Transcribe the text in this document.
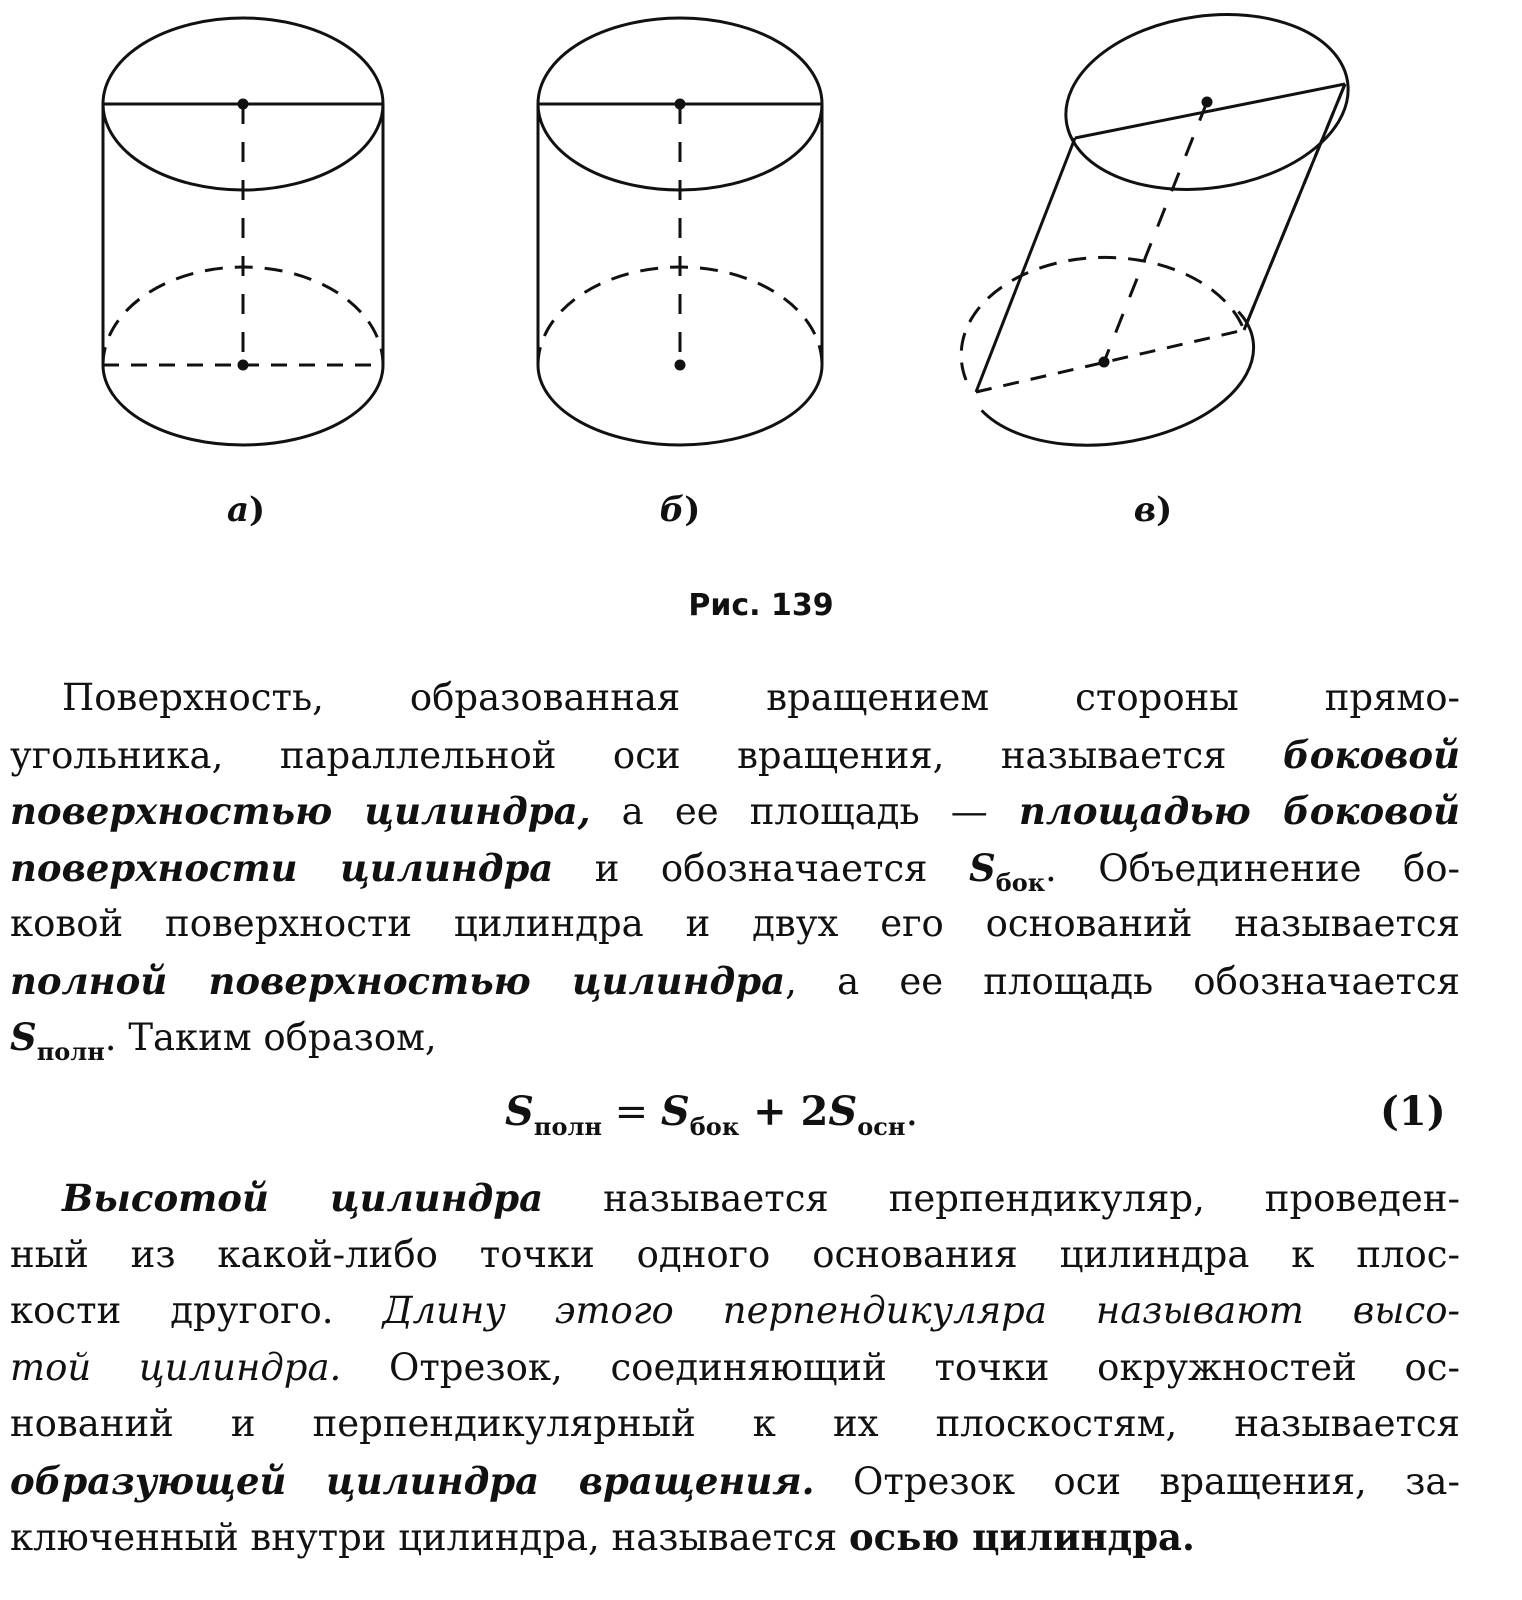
а)	б)	в)
Рис. 139
Поверхность, образованная вращением стороны прямо-
угольника, параллельной оси вращения, называется боковой
поверхностью цилиндра, а ее площадь — площадью боковой
поверхности цилиндра и обозначается $S_{бок}$. Объединение бо-
ковой поверхности цилиндра и двух его оснований называется
полной поверхностью цилиндра, а ее площадь обозначается
$S_{полн}$. Таким образом,
$S_{полн} = S_{бок} + 2S_{осн}$.	(1)
Высотой цилиндра называется перпендикуляр, проведен-
ный из какой-либо точки одного основания цилиндра к плос-
кости другого. Длину этого перпендикуляра называют высо-
той цилиндра. Отрезок, соединяющий точки окружностей ос-
нований и перпендикулярный к их плоскостям, называется
образующей цилиндра вращения. Отрезок оси вращения, за-
ключенный внутри цилиндра, называется осью цилиндра.
